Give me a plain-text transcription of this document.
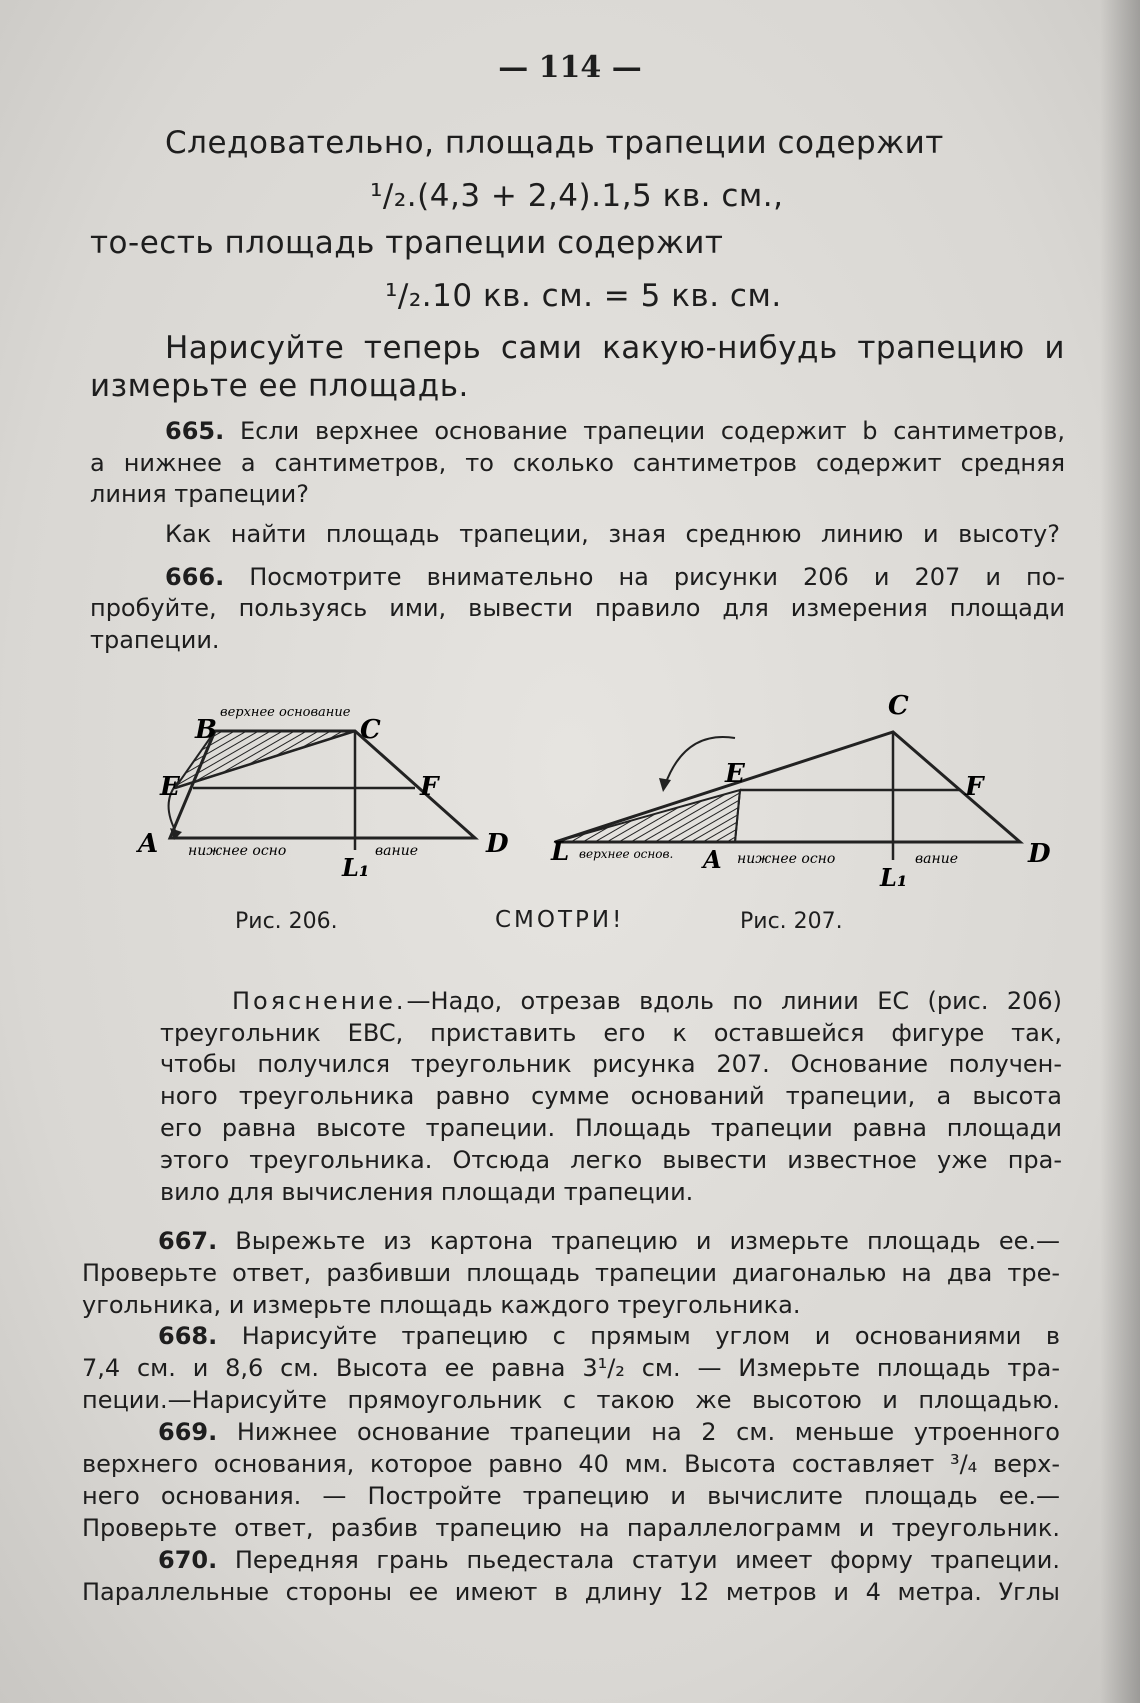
— 114 —
Следовательно, площадь трапеции содержит
¹/₂.(4,3 + 2,4).1,5 кв. см.,
то-есть площадь трапеции содержит
¹/₂.10 кв. см. = 5 кв. см.
Нарисуйте теперь сами какую-нибудь трапецию и
измерьте ее площадь.
665. Если верхнее основание трапеции содержит b сантиметров,
а нижнее a сантиметров, то сколько сантиметров содержит средняя
линия трапеции?
Как найти площадь трапеции, зная среднюю линию и высоту?
666. Посмотрите внимательно на рисунки 206 и 207 и по-
пробуйте, пользуясь ими, вывести правило для измерения площади
трапеции.
B	C
E	F
A	D
L₁
верхнее основание
нижнее осно	вание
C
E	F
L	A	D
L₁
верхнее основ.	нижнее осно	вание
Рис. 206.	СМОТРИ!	Рис. 207.
Пояснение.—Надо, отрезав вдоль по линии EC (рис. 206)
треугольник EBC, приставить его к оставшейся фигуре так,
чтобы получился треугольник рисунка 207. Основание получен-
ного треугольника равно сумме оснований трапеции, а высота
его равна высоте трапеции. Площадь трапеции равна площади
этого треугольника. Отсюда легко вывести известное уже пра-
вило для вычисления площади трапеции.
667. Вырежьте из картона трапецию и измерьте площадь ее.—
Проверьте ответ, разбивши площадь трапеции диагональю на два тре-
угольника, и измерьте площадь каждого треугольника.
668. Нарисуйте трапецию с прямым углом и основаниями в
7,4 см. и 8,6 см. Высота ее равна 3¹/₂ см. — Измерьте площадь тра-
пеции.—Нарисуйте прямоугольник с такою же высотою и площадью.
669. Нижнее основание трапеции на 2 см. меньше утроенного
верхнего основания, которое равно 40 мм. Высота составляет ³/₄ верх-
него основания. — Постройте трапецию и вычислите площадь ее.—
Проверьте ответ, разбив трапецию на параллелограмм и треугольник.
670. Передняя грань пьедестала статуи имеет форму трапеции.
Параллельные стороны ее имеют в длину 12 метров и 4 метра. Углы
